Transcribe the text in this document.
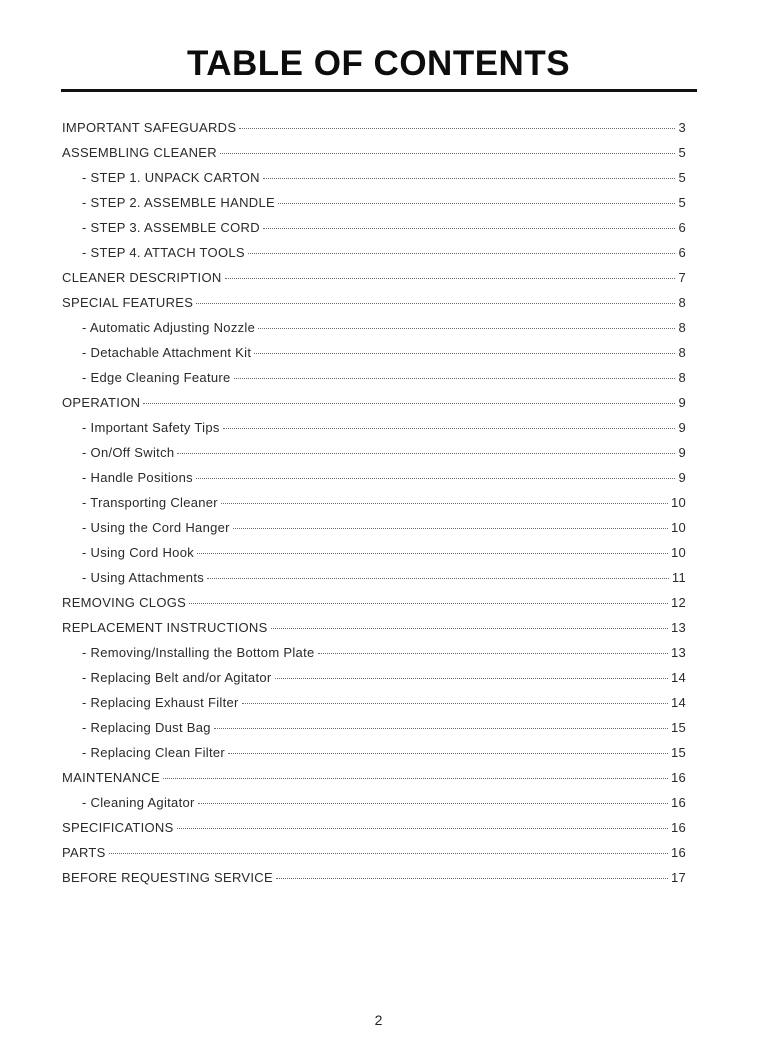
TABLE OF CONTENTS
IMPORTANT SAFEGUARDS	3
ASSEMBLING CLEANER	5
- STEP 1. UNPACK CARTON	5
- STEP 2. ASSEMBLE HANDLE	5
- STEP 3. ASSEMBLE CORD	6
- STEP 4. ATTACH TOOLS	6
CLEANER DESCRIPTION	7
SPECIAL FEATURES	8
- Automatic Adjusting Nozzle	8
- Detachable Attachment Kit	8
- Edge Cleaning Feature	8
OPERATION	9
- Important Safety Tips	9
- On/Off Switch	9
- Handle Positions	9
- Transporting Cleaner	10
- Using the Cord Hanger	10
- Using Cord Hook	10
- Using Attachments	11
REMOVING CLOGS	12
REPLACEMENT INSTRUCTIONS	13
- Removing/Installing the Bottom Plate	13
- Replacing Belt and/or Agitator	14
- Replacing Exhaust Filter	14
- Replacing Dust Bag	15
- Replacing Clean Filter	15
MAINTENANCE	16
- Cleaning Agitator	16
SPECIFICATIONS	16
PARTS	16
BEFORE REQUESTING SERVICE	17
2
